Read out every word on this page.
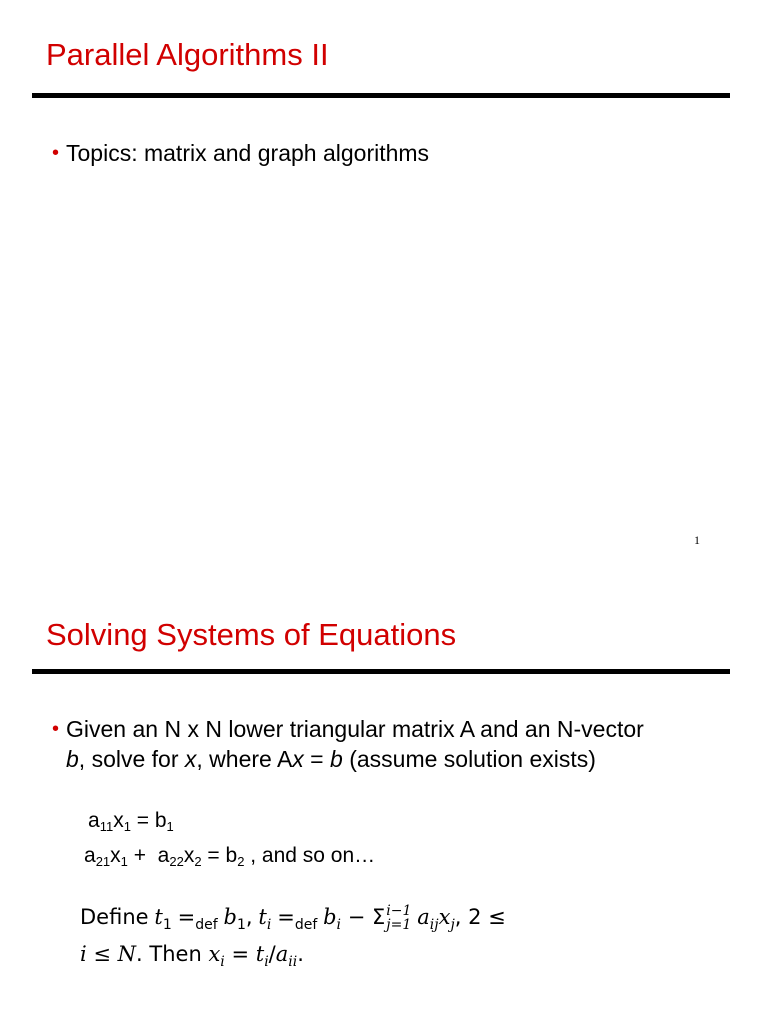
Parallel Algorithms II
• Topics: matrix and graph algorithms
1
Solving Systems of Equations
• Given an N x N lower triangular matrix A and an N-vector
b, solve for x, where Ax = b (assume solution exists)
$a_{11}x_1 = b_1$
$a_{21}x_1 + a_{22}x_2 = b_2$ , and so on…
Define $t_1 =_{def}$ $b_1$, $t_i =_{def}$ $b_i - \Sigma$ i−1
j=1 $a_{ij}x_j$, 2 ≤
i ≤ N. Then $x_i = t_i/a_{ii}$.
